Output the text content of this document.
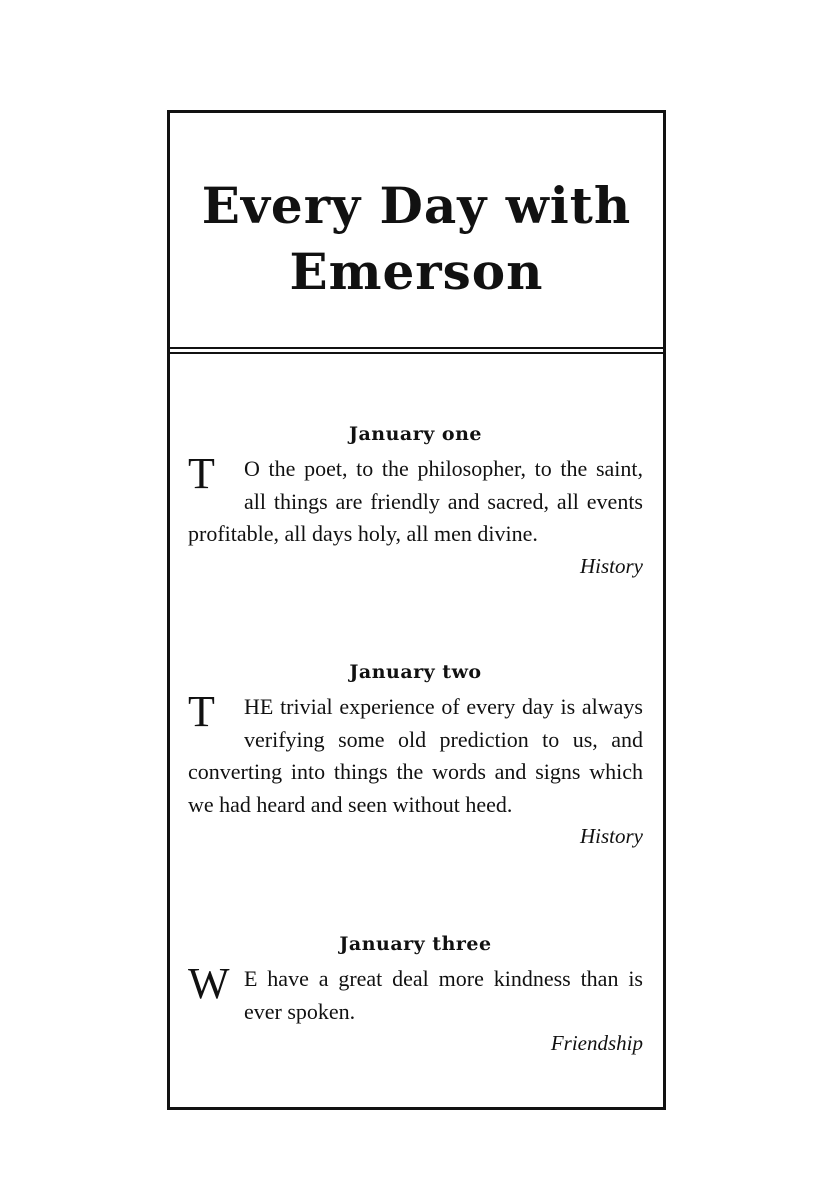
Every Day with
Emerson
January one
T	O the poet, to the philosopher, to the saint, all things are friendly and sacred, all events profitable, all days holy, all men divine.
History
January two
T	HE trivial experience of every day is always verifying some old prediction to us, and converting into things the words and signs which we had heard and seen without heed.
History
January three
W E have a great deal more kindness than is ever spoken.
Friendship
